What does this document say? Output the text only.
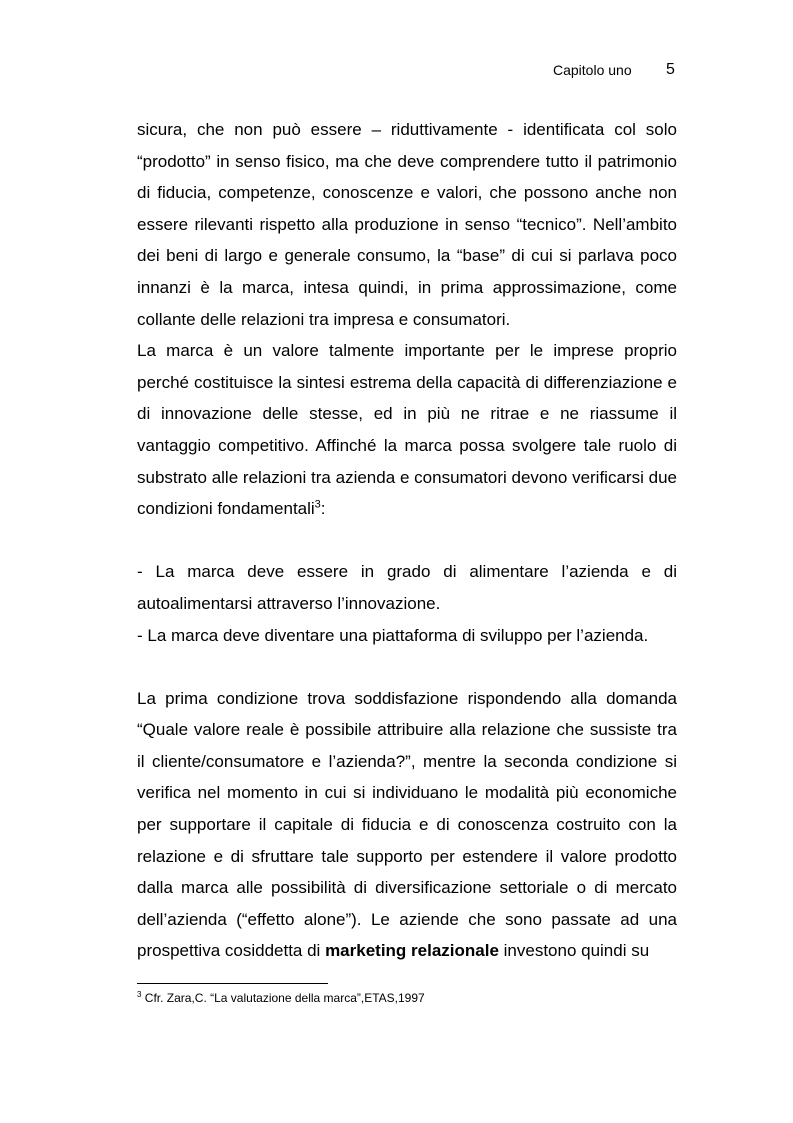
Capitolo uno 5

sicura, che non può essere – riduttivamente - identificata col solo “prodotto” in senso fisico, ma che deve comprendere tutto il patrimonio di fiducia, competenze, conoscenze e valori, che possono anche non essere rilevanti rispetto alla produzione in senso “tecnico”. Nell’ambito dei beni di largo e generale consumo, la “base” di cui si parlava poco innanzi è la marca, intesa quindi, in prima approssimazione, come collante delle relazioni tra impresa e consumatori.

La marca è un valore talmente importante per le imprese proprio perché costituisce la sintesi estrema della capacità di differenziazione e di innovazione delle stesse, ed in più ne ritrae e ne riassume il vantaggio competitivo. Affinché la marca possa svolgere tale ruolo di substrato alle relazioni tra azienda e consumatori devono verificarsi due condizioni fondamentali$^3$:

- La marca deve essere in grado di alimentare l’azienda e di autoalimentarsi attraverso l’innovazione.

- La marca deve diventare una piattaforma di sviluppo per l’azienda.

La prima condizione trova soddisfazione rispondendo alla domanda “Quale valore reale è possibile attribuire alla relazione che sussiste tra il cliente/consumatore e l’azienda?”, mentre la seconda condizione si verifica nel momento in cui si individuano le modalità più economiche per supportare il capitale di fiducia e di conoscenza costruito con la relazione e di sfruttare tale supporto per estendere il valore prodotto dalla marca alle possibilità di diversificazione settoriale o di mercato dell’azienda (“effetto alone”). Le aziende che sono passate ad una prospettiva cosiddetta di marketing relazionale investono quindi su

$^3$ Cfr. Zara,C. “La valutazione della marca”,ETAS,1997
